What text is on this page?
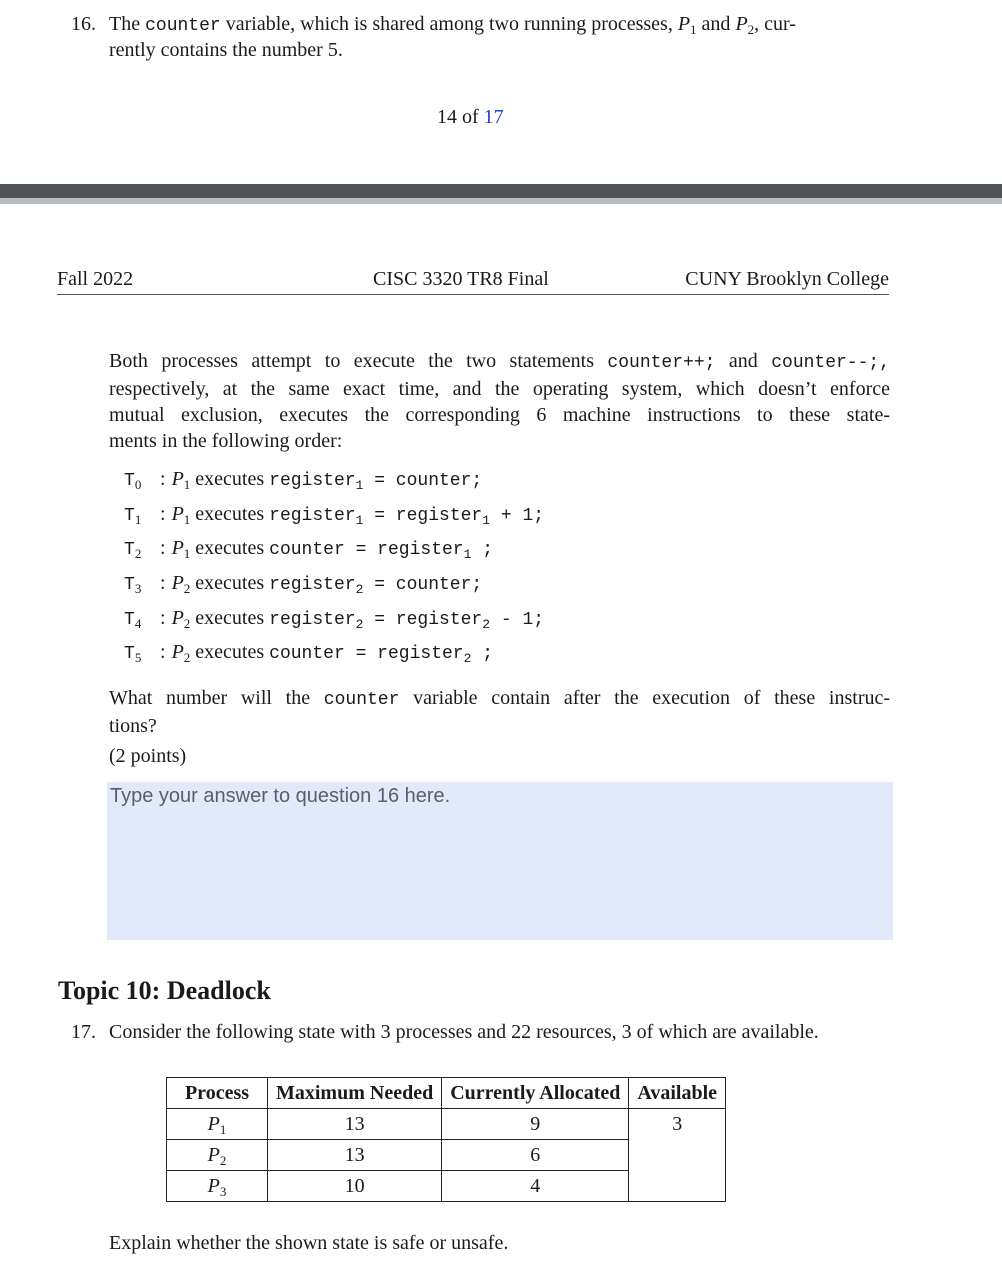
16. The counter variable, which is shared among two running processes, $P_1$ and $P_2$, cur-
rently contains the number 5.
14 of 17
Fall 2022	CISC 3320 TR8 Final	CUNY Brooklyn College
Both processes attempt to execute the two statements counter++; and counter--;,
respectively, at the same exact time, and the operating system, which doesn’t enforce
mutual exclusion, executes the corresponding 6 machine instructions to these state-
ments in the following order:
$T_0$ : $P_1$ executes register$_1$ = counter;
$T_1$ : $P_1$ executes register$_1$ = register$_1$ + 1;
$T_2$ : $P_1$ executes counter = register$_1$ ;
$T_3$ : $P_2$ executes register$_2$ = counter;
$T_4$ : $P_2$ executes register$_2$ = register$_2$ - 1;
$T_5$ : $P_2$ executes counter = register$_2$ ;
What number will the counter variable contain after the execution of these instruc-
tions?
(2 points)
Type your answer to question 16 here.
Topic 10: Deadlock
17. Consider the following state with 3 processes and 22 resources, 3 of which are available.
Process	Maximum Needed	Currently Allocated	Available
$P_1$	13	9	3
$P_2$	13	6	
$P_3$	10	4	
Explain whether the shown state is safe or unsafe.
